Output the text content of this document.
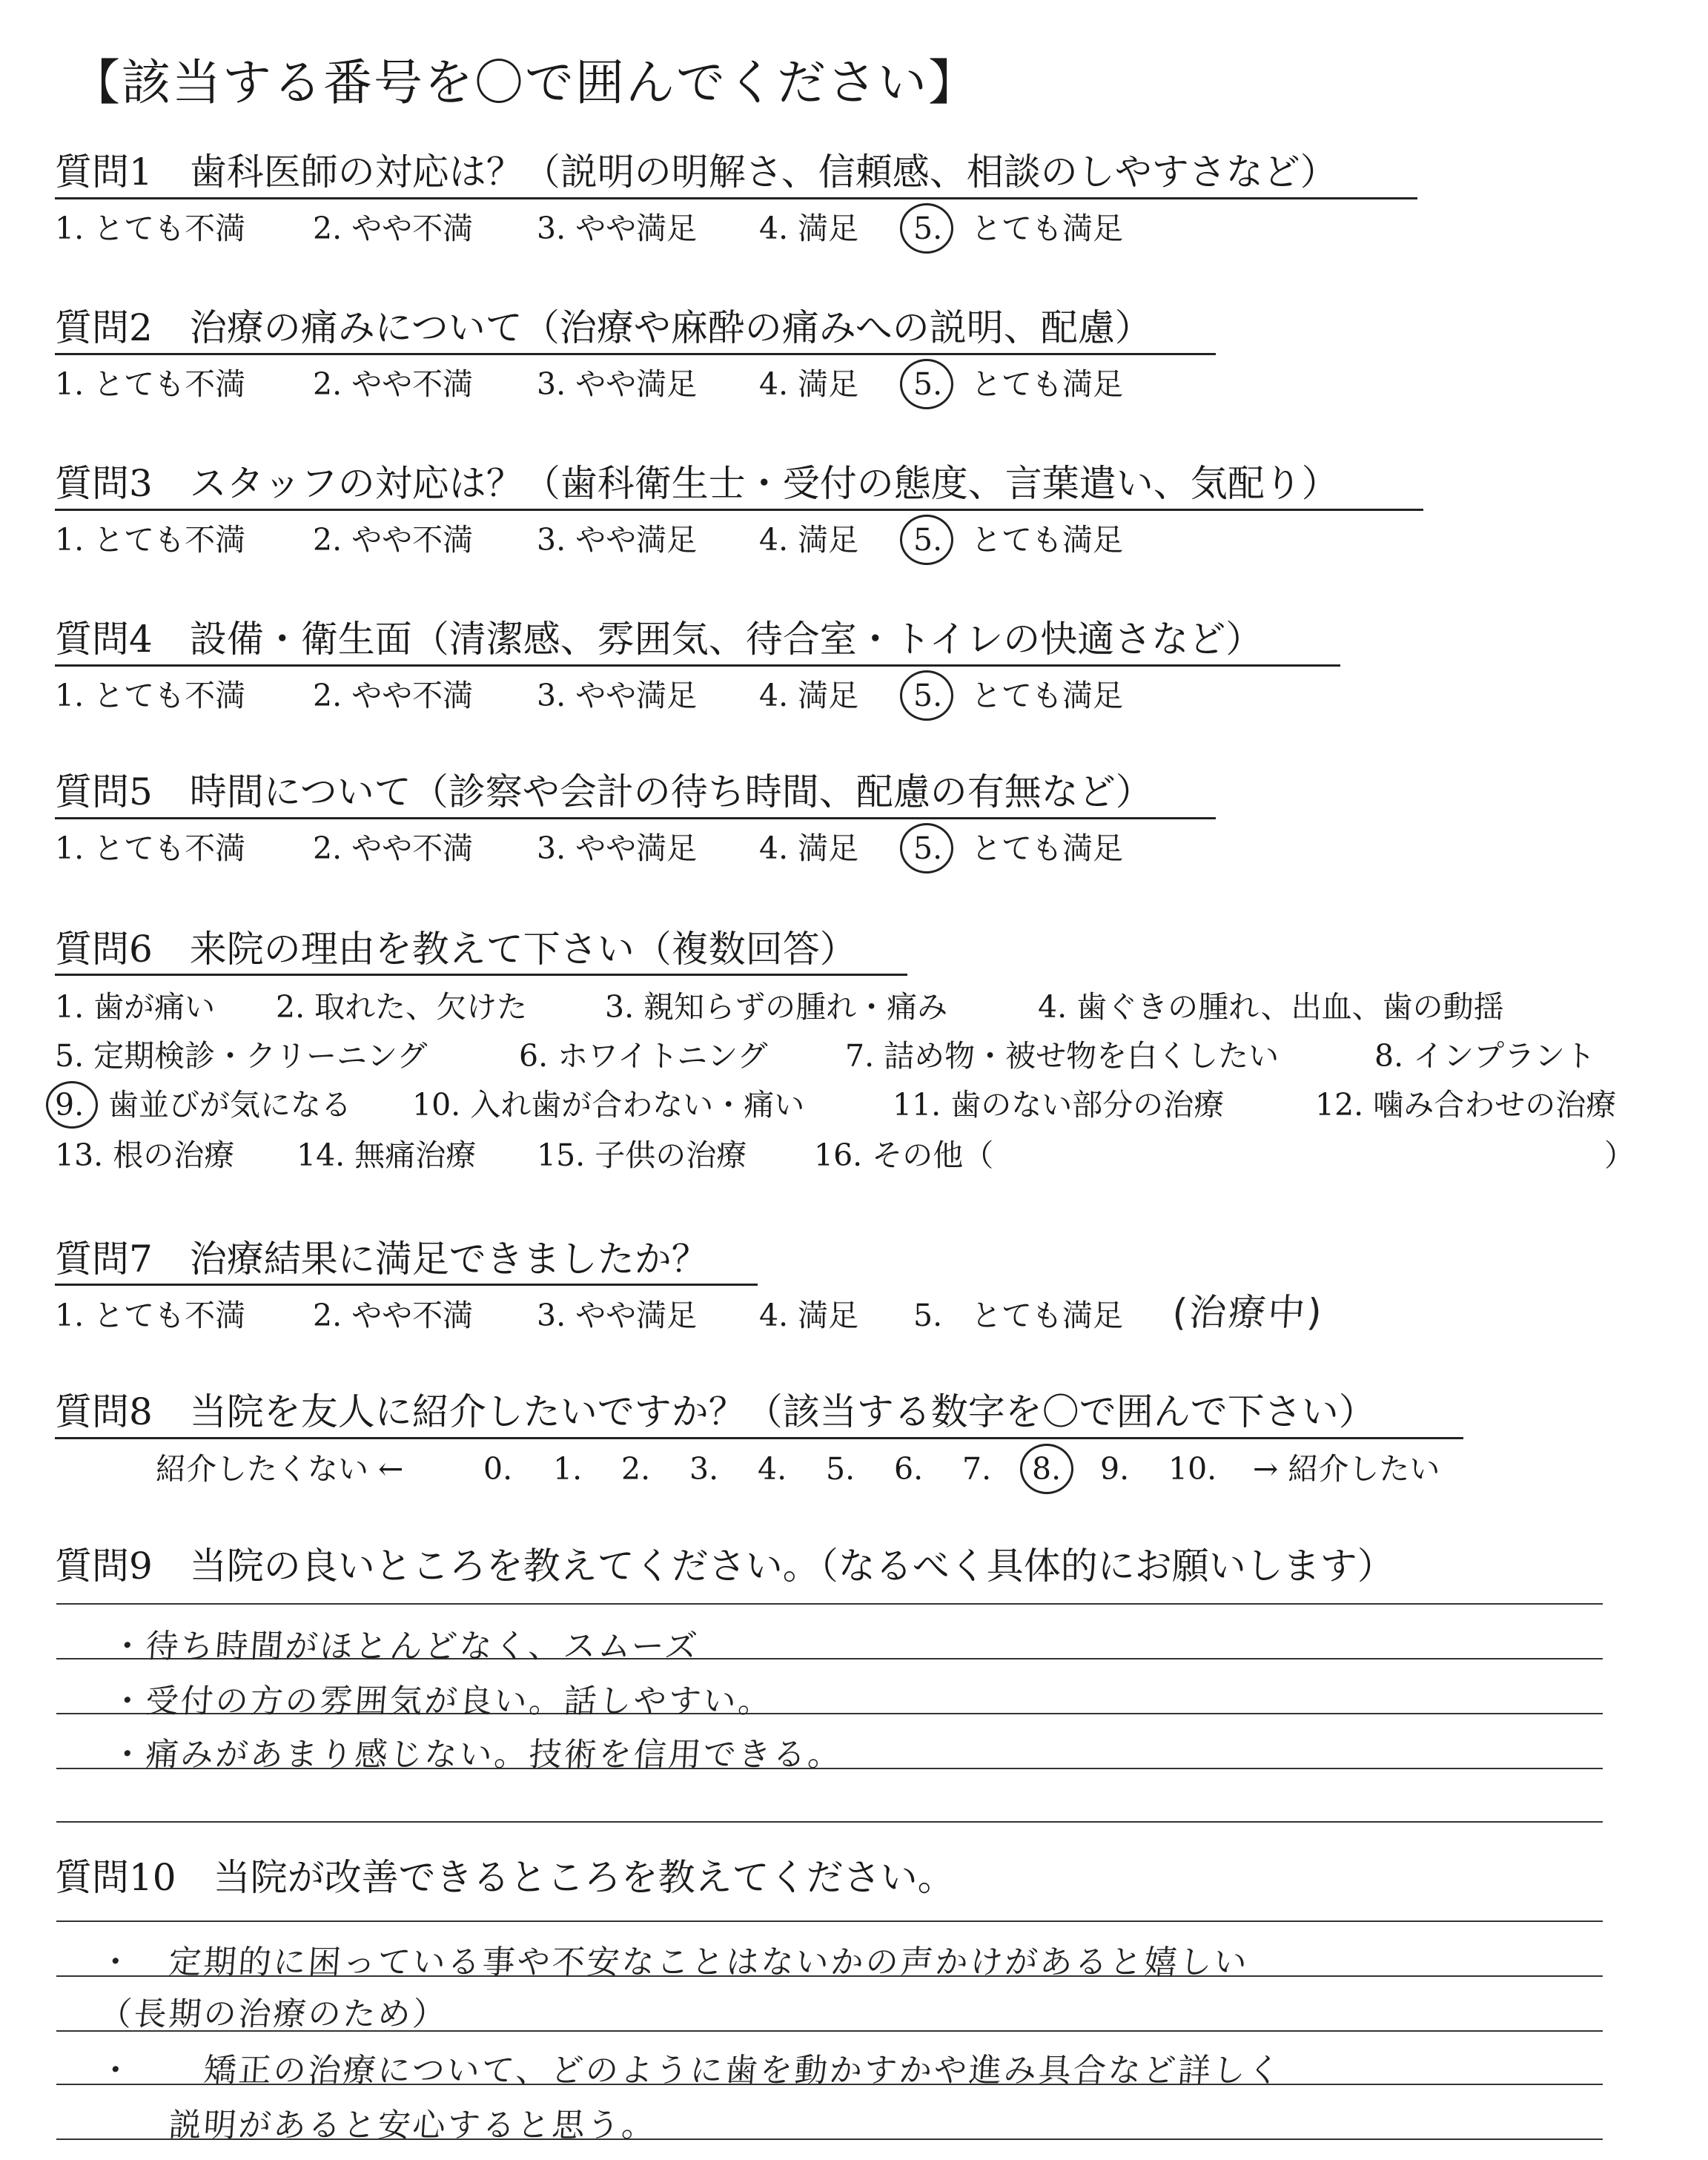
【該当する番号を〇で囲んでください】
質問1　歯科医師の対応は？（説明の明解さ、信頼感、相談のしやすさなど）
1. とても不満 2. やや不満 3. やや満足 4. 満足 5. とても満足
質問2　治療の痛みについて（治療や麻酔の痛みへの説明、配慮）
1. とても不満 2. やや不満 3. やや満足 4. 満足 5. とても満足
質問3　スタッフの対応は？（歯科衛生士・受付の態度、言葉遣い、気配り）
1. とても不満 2. やや不満 3. やや満足 4. 満足 5. とても満足
質問4　設備・衛生面（清潔感、雰囲気、待合室・トイレの快適さなど）
1. とても不満 2. やや不満 3. やや満足 4. 満足 5. とても満足
質問5　時間について（診察や会計の待ち時間、配慮の有無など）
1. とても不満 2. やや不満 3. やや満足 4. 満足 5. とても満足
質問6　来院の理由を教えて下さい（複数回答）
1. 歯が痛い 2. 取れた、欠けた	3. 親知らずの腫れ・痛み	4. 歯ぐきの腫れ、出血、歯の動揺
5. 定期検診・クリーニング	6. ホワイトニング	7. 詰め物・被せ物を白くしたい	8. インプラント
9. 歯並びが気になる 10. 入れ歯が合わない・痛い	11. 歯のない部分の治療	12. 噛み合わせの治療
13. 根の治療 14. 無痛治療 15. 子供の治療 16. その他（	）
質問7　治療結果に満足できましたか？
1. とても不満 2. やや不満 3. やや満足 4. 満足 5. とても満足 (治療中)
質問8　当院を友人に紹介したいですか？（該当する数字を〇で囲んで下さい）
紹介したくない ←	0. 1. 2. 3. 4. 5. 6. 7. 8. 9. 10. → 紹介したい
質問9　当院の良いところを教えてください。（なるべく具体的にお願いします）
・待ち時間がほとんどなく、スムーズ
・受付の方の雰囲気が良い。話しやすい。
・痛みがあまり感じない。技術を信用できる。
質問10　当院が改善できるところを教えてください。
・　定期的に困っている事や不安なことはないかの声かけがあると嬉しい
（長期の治療のため）
・　　矯正の治療について、どのように歯を動かすかや進み具合など詳しく
　　説明があると安心すると思う。
